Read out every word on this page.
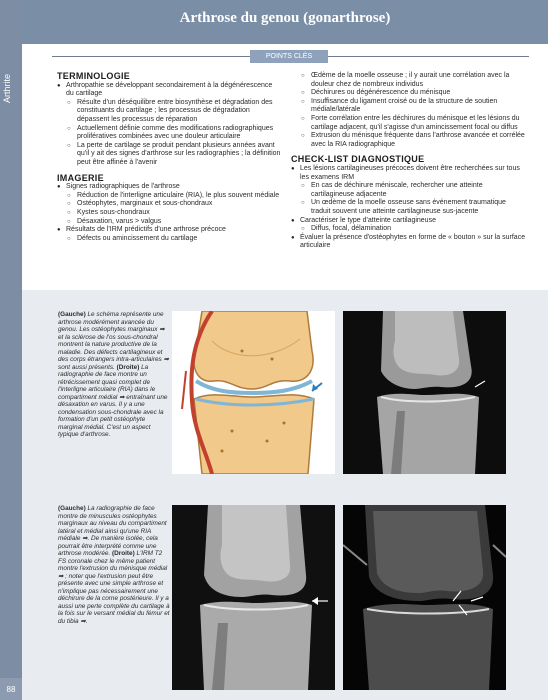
Arthrite
88
Arthrose du genou (gonarthrose)
POINTS CLÉS
TERMINOLOGIE
● Arthropathie se développant secondairement à la dégénérescence du cartilage
○ Résulte d'un déséquilibre entre biosynthèse et dégradation des constituants du cartilage ; les processus de dégradation dépassent les processus de réparation
○ Actuellement définie comme des modifications radiographiques prolifératives combinées avec une douleur articulaire
○ La perte de cartilage se produit pendant plusieurs années avant qu'il y ait des signes d'arthrose sur les radiographies ; la définition peut être affinée à l'avenir
IMAGERIE
● Signes radiographiques de l'arthrose
○ Réduction de l'interligne articulaire (RIA), le plus souvent médiale
○ Ostéophytes, marginaux et sous-chondraux
○ Kystes sous-chondraux
○ Désaxation, varus > valgus
● Résultats de l'IRM prédictifs d'une arthrose précoce
○ Défects ou amincissement du cartilage
○ Œdème de la moelle osseuse ; il y aurait une corrélation avec la douleur chez de nombreux individus
○ Déchirures ou dégénérescence du ménisque
○ Insuffisance du ligament croisé ou de la structure de soutien médiale/latérale
○ Forte corrélation entre les déchirures du ménisque et les lésions du cartilage adjacent, qu'il s'agisse d'un amincissement focal ou diffus
○ Extrusion du ménisque fréquente dans l'arthrose avancée et corrélée avec la RIA radiographique
CHECK-LIST DIAGNOSTIQUE
● Les lésions cartilagineuses précoces doivent être recherchées sur tous les examens IRM
○ En cas de déchirure méniscale, rechercher une atteinte cartilagineuse adjacente
○ Un œdème de la moelle osseuse sans événement traumatique traduit souvent une atteinte cartilagineuse sus-jacente
● Caractériser le type d'atteinte cartilagineuse
○ Diffus, focal, délamination
● Évaluer la présence d'ostéophytes en forme de « bouton » sur la surface articulaire
(Gauche) Le schéma représente une arthrose modérément avancée du genou. Les ostéophytes marginaux ➡ et la sclérose de l'os sous-chondral montrent la nature productive de la maladie. Des défects cartilagineux et des corps étrangers intra-articulaires ➡ sont aussi présents. (Droite) La radiographie de face montre un rétrécissement quasi complet de l'interligne articulaire (RIA) dans le compartiment médial ➡ entraînant une désaxation en varus. Il y a une condensation sous-chondrale avec la formation d'un petit ostéophyte marginal médial. C'est un aspect typique d'arthrose.
(Gauche) La radiographie de face montre de minuscules ostéophytes marginaux au niveau du compartiment latéral et médial ainsi qu'une RIA médiale ➡. De manière isolée, cela pourrait être interprété comme une arthrose modérée. (Droite) L'IRM T2 FS coronale chez le même patient montre l'extrusion du ménisque médial ➡ ; noter que l'extrusion peut être présente avec une simple arthrose et n'implique pas nécessairement une déchirure de la corne postérieure. Il y a aussi une perte complète du cartilage à la fois sur le versant médial du fémur et du tibia ➡.
